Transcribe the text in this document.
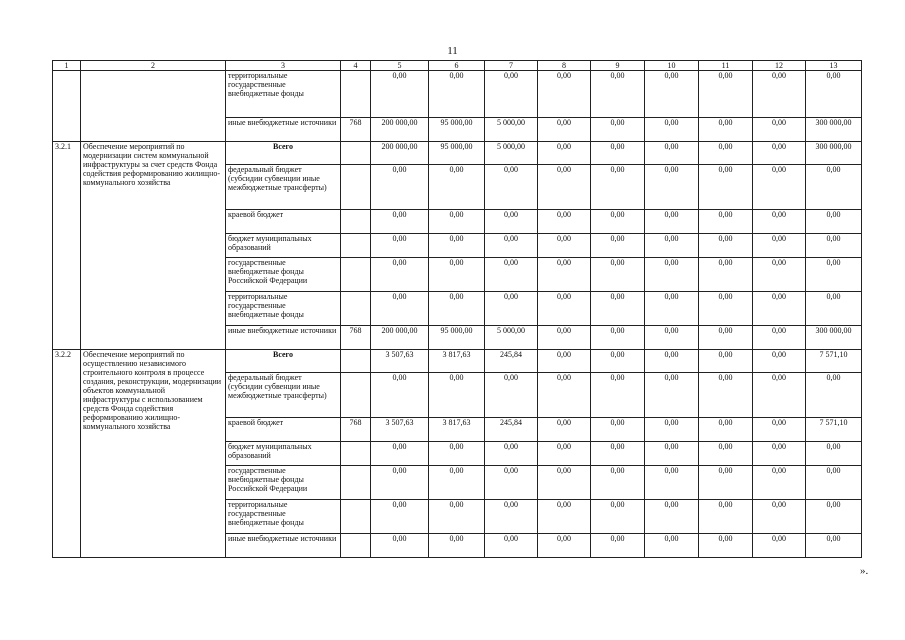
11
1	2	3	4	5	6	7	8	9	10	11	12	13
		территориальные государственные внебюджетные фонды		0,00	0,00	0,00	0,00	0,00	0,00	0,00	0,00	0,00
		иные внебюджетные источники	768	200 000,00	95 000,00	5 000,00	0,00	0,00	0,00	0,00	0,00	300 000,00
3.2.1	Обеспечение мероприятий по модернизации систем коммунальной инфраструктуры за счет средств Фонда содействия реформированию жилищно-коммунального хозяйства	Всего		200 000,00	95 000,00	5 000,00	0,00	0,00	0,00	0,00	0,00	300 000,00
		федеральный бюджет (субсидии субвенции иные межбюджетные трансферты)		0,00	0,00	0,00	0,00	0,00	0,00	0,00	0,00	0,00
		краевой бюджет		0,00	0,00	0,00	0,00	0,00	0,00	0,00	0,00	0,00
		бюджет муниципальных образований		0,00	0,00	0,00	0,00	0,00	0,00	0,00	0,00	0,00
		государственные внебюджетные фонды Российской Федерации		0,00	0,00	0,00	0,00	0,00	0,00	0,00	0,00	0,00
		территориальные государственные внебюджетные фонды		0,00	0,00	0,00	0,00	0,00	0,00	0,00	0,00	0,00
		иные внебюджетные источники	768	200 000,00	95 000,00	5 000,00	0,00	0,00	0,00	0,00	0,00	300 000,00
3.2.2	Обеспечение мероприятий по осуществлению независимого строительного контроля в процессе создания, реконструкции, модернизации объектов коммунальной инфраструктуры с использованием средств Фонда содействия реформированию жилищно-коммунального хозяйства	Всего		3 507,63	3 817,63	245,84	0,00	0,00	0,00	0,00	0,00	7 571,10
		федеральный бюджет (субсидии субвенции иные межбюджетные трансферты)		0,00	0,00	0,00	0,00	0,00	0,00	0,00	0,00	0,00
		краевой бюджет	768	3 507,63	3 817,63	245,84	0,00	0,00	0,00	0,00	0,00	7 571,10
		бюджет муниципальных образований		0,00	0,00	0,00	0,00	0,00	0,00	0,00	0,00	0,00
		государственные внебюджетные фонды Российской Федерации		0,00	0,00	0,00	0,00	0,00	0,00	0,00	0,00	0,00
		территориальные государственные внебюджетные фонды		0,00	0,00	0,00	0,00	0,00	0,00	0,00	0,00	0,00
		иные внебюджетные источники		0,00	0,00	0,00	0,00	0,00	0,00	0,00	0,00	0,00
».
